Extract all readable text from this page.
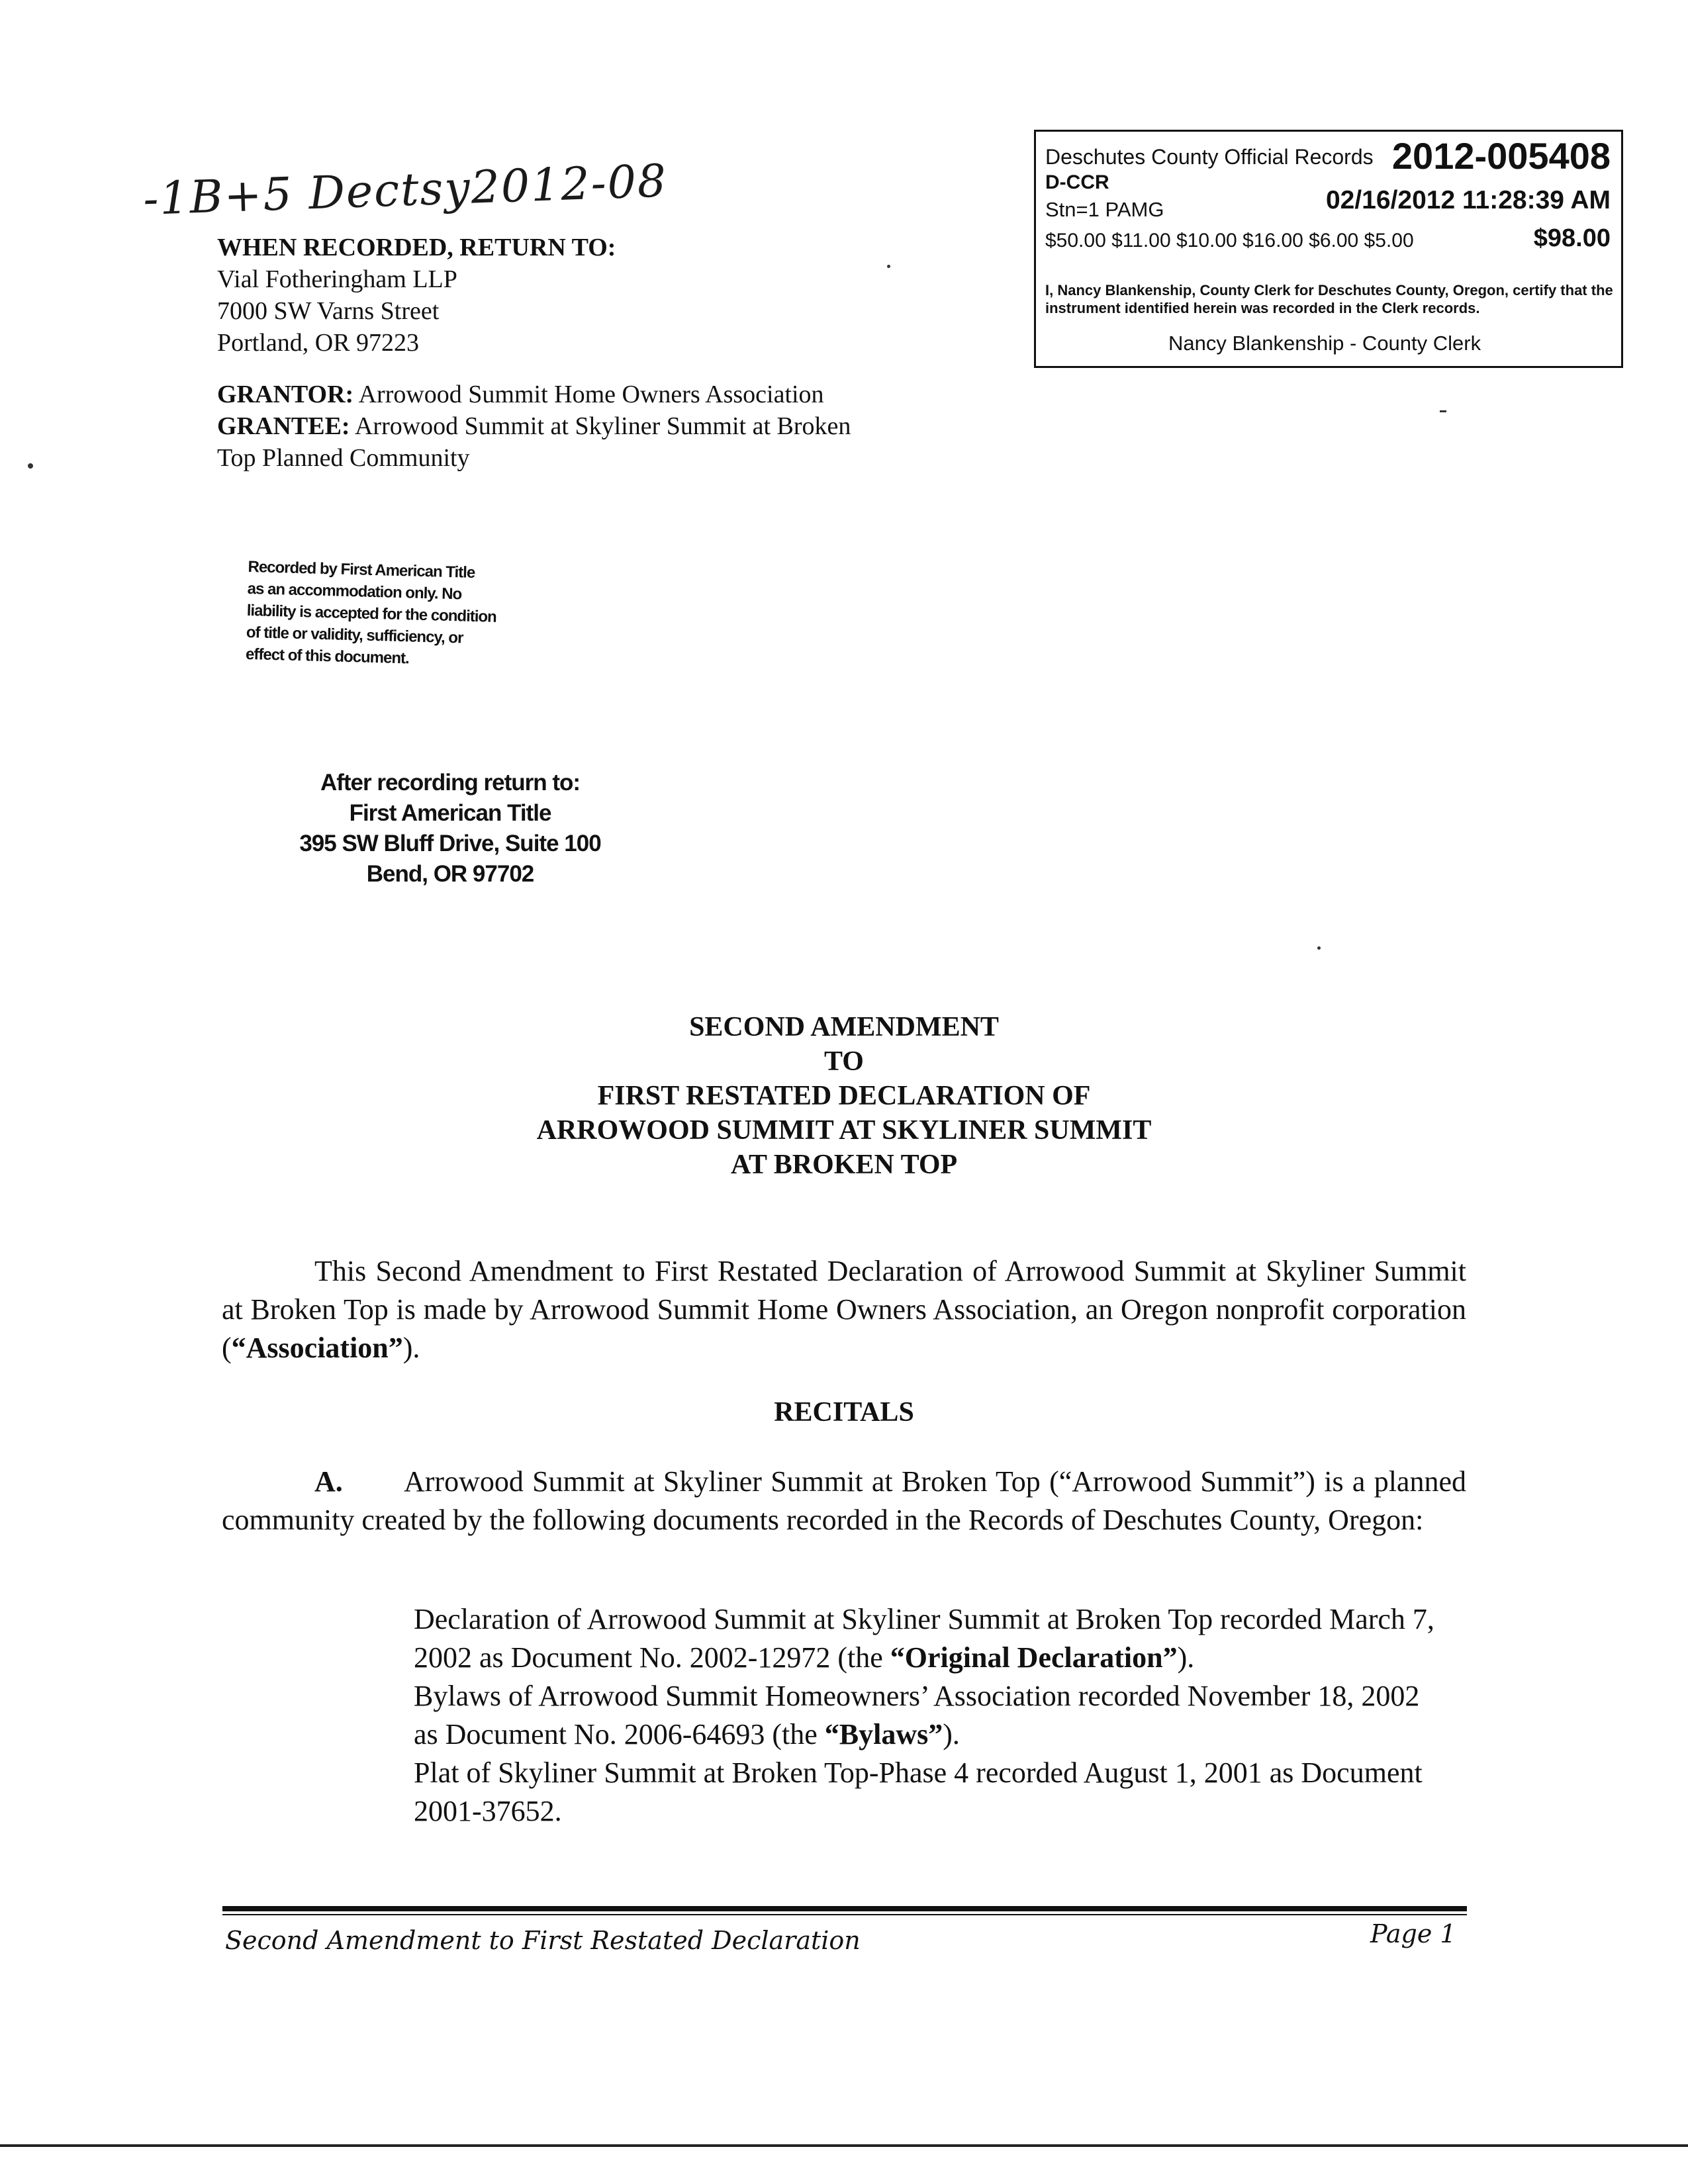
-1B+5 Dectsy2012-08
WHEN RECORDED, RETURN TO:
Vial Fotheringham LLP
7000 SW Varns Street
Portland, OR 97223
Deschutes County Official Records 2012-005408
D-CCR
Stn=1 PAMG	02/16/2012 11:28:39 AM
$50.00 $11.00 $10.00 $16.00 $6.00 $5.00	$98.00
I, Nancy Blankenship, County Clerk for Deschutes County, Oregon, certify that the instrument identified herein was recorded in the Clerk records.
Nancy Blankenship - County Clerk
GRANTOR: Arrowood Summit Home Owners Association
GRANTEE: Arrowood Summit at Skyliner Summit at Broken Top Planned Community
Recorded by First American Title
as an accommodation only. No
liability is accepted for the condition
of title or validity, sufficiency, or
effect of this document.
After recording return to:
First American Title
395 SW Bluff Drive, Suite 100
Bend, OR 97702
SECOND AMENDMENT
TO
FIRST RESTATED DECLARATION OF
ARROWOOD SUMMIT AT SKYLINER SUMMIT
AT BROKEN TOP
This Second Amendment to First Restated Declaration of Arrowood Summit at Skyliner Summit at Broken Top is made by Arrowood Summit Home Owners Association, an Oregon nonprofit corporation (“Association”).
RECITALS
A. Arrowood Summit at Skyliner Summit at Broken Top (“Arrowood Summit”) is a planned community created by the following documents recorded in the Records of Deschutes County, Oregon:

Declaration of Arrowood Summit at Skyliner Summit at Broken Top recorded March 7, 2002 as Document No. 2002-12972 (the “Original Declaration”).

Bylaws of Arrowood Summit Homeowners’ Association recorded November 18, 2002 as Document No. 2006-64693 (the “Bylaws”).

Plat of Skyliner Summit at Broken Top-Phase 4 recorded August 1, 2001 as Document 2001-37652.

Second Amendment to First Restated Declaration	Page 1
